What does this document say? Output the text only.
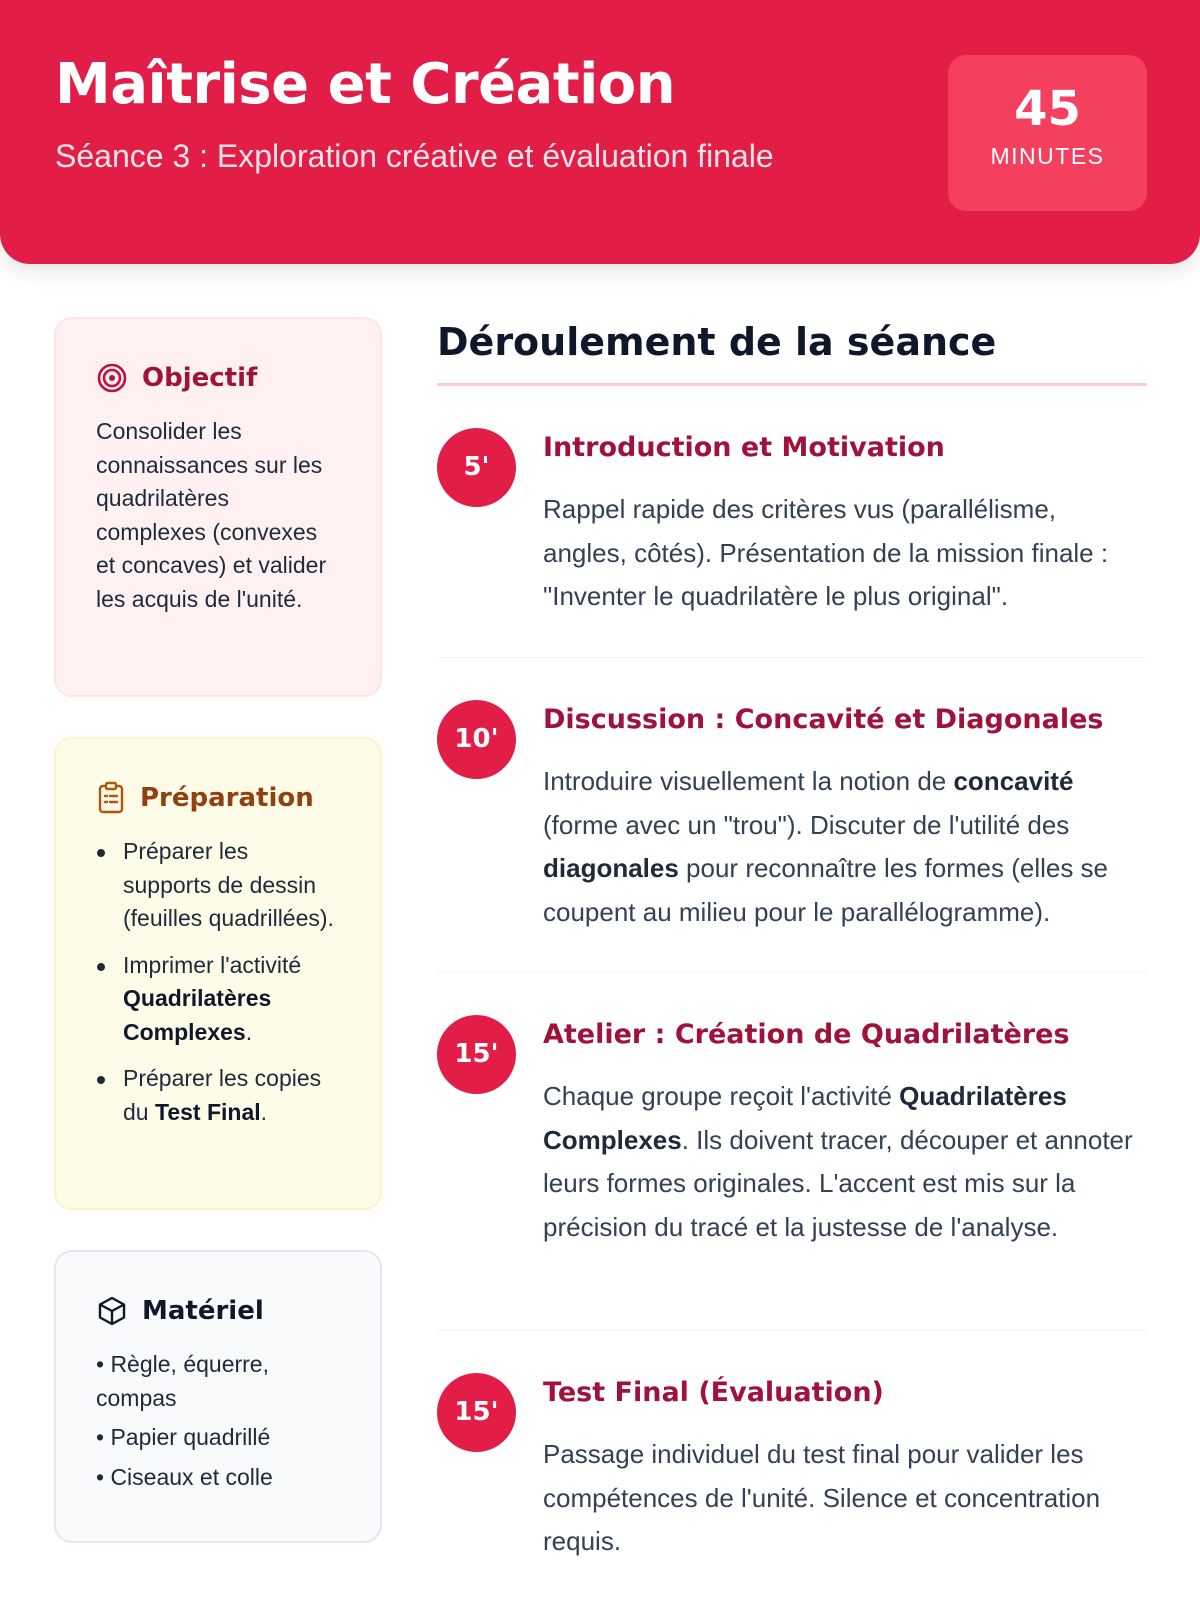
Maîtrise et Création
Séance 3 : Exploration créative et évaluation finale
45
MINUTES
Objectif

Consolider les connaissances sur les quadrilatères complexes (convexes et concaves) et valider les acquis de l'unité.

Préparation
Préparer les supports de dessin (feuilles quadrillées).
Imprimer l'activité Quadrilatères Complexes.
Préparer les copies du Test Final.
Matériel
• Règle, équerre, compas
• Papier quadrillé
• Ciseaux et colle
Déroulement de la séance
5'
Introduction et Motivation
Rappel rapide des critères vus (parallélisme, angles, côtés). Présentation de la mission finale : "Inventer le quadrilatère le plus original".
10'
Discussion : Concavité et Diagonales
Introduire visuellement la notion de concavité (forme avec un "trou"). Discuter de l'utilité des diagonales pour reconnaître les formes (elles se coupent au milieu pour le parallélogramme).
15'
Atelier : Création de Quadrilatères
Chaque groupe reçoit l'activité Quadrilatères Complexes. Ils doivent tracer, découper et annoter leurs formes originales. L'accent est mis sur la précision du tracé et la justesse de l'analyse.
15'
Test Final (Évaluation)
Passage individuel du test final pour valider les compétences de l'unité. Silence et concentration requis.
